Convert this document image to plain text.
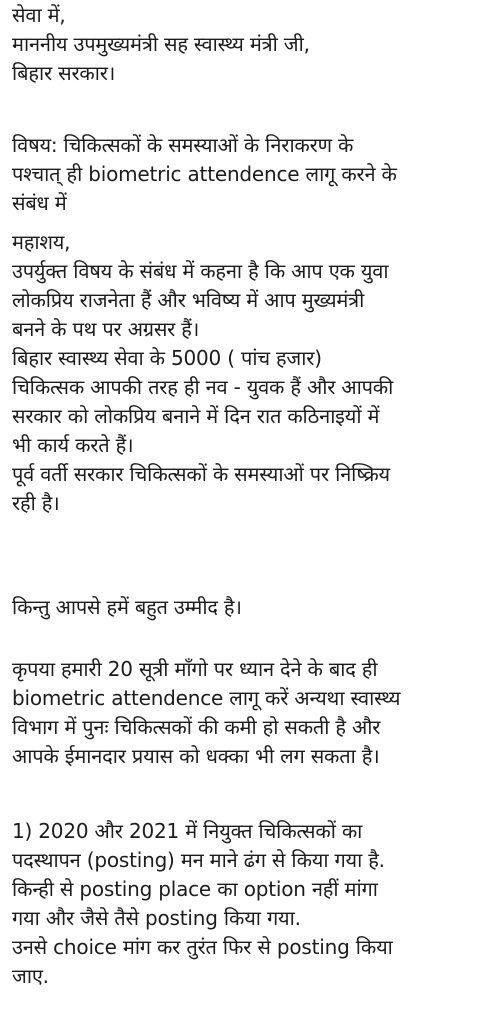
सेवा में,
माननीय उपमुख्यमंत्री सह स्वास्थ्य मंत्री जी,
बिहार सरकार।
विषय: चिकित्सकों के समस्याओं के निराकरण के
पश्चात् ही biometric attendence लागू करने के
संबंध में
महाशय,
उपर्युक्त विषय के संबंध में कहना है कि आप एक युवा
लोकप्रिय राजनेता हैं और भविष्य में आप मुख्यमंत्री
बनने के पथ पर अग्रसर हैं।
बिहार स्वास्थ्य सेवा के 5000 ( पांच हजार)
चिकित्सक आपकी तरह ही नव - युवक हैं और आपकी
सरकार को लोकप्रिय बनाने में दिन रात कठिनाइयों में
भी कार्य करते हैं।
पूर्व वर्ती सरकार चिकित्सकों के समस्याओं पर निष्क्रिय
रही है।
किन्तु आपसे हमें बहुत उम्मीद है।
कृपया हमारी 20 सूत्री माँगो पर ध्यान देने के बाद ही
biometric attendence लागू करें अन्यथा स्वास्थ्य
विभाग में पुनः चिकित्सकों की कमी हो सकती है और
आपके ईमानदार प्रयास को धक्का भी लग सकता है।
1) 2020 और 2021 में नियुक्त चिकित्सकों का
पदस्थापन (posting) मन माने ढंग से किया गया है.
किन्ही से posting place का option नहीं मांगा
गया और जैसे तैसे posting किया गया.
उनसे choice मांग कर तुरंत फिर से posting किया
जाए.
